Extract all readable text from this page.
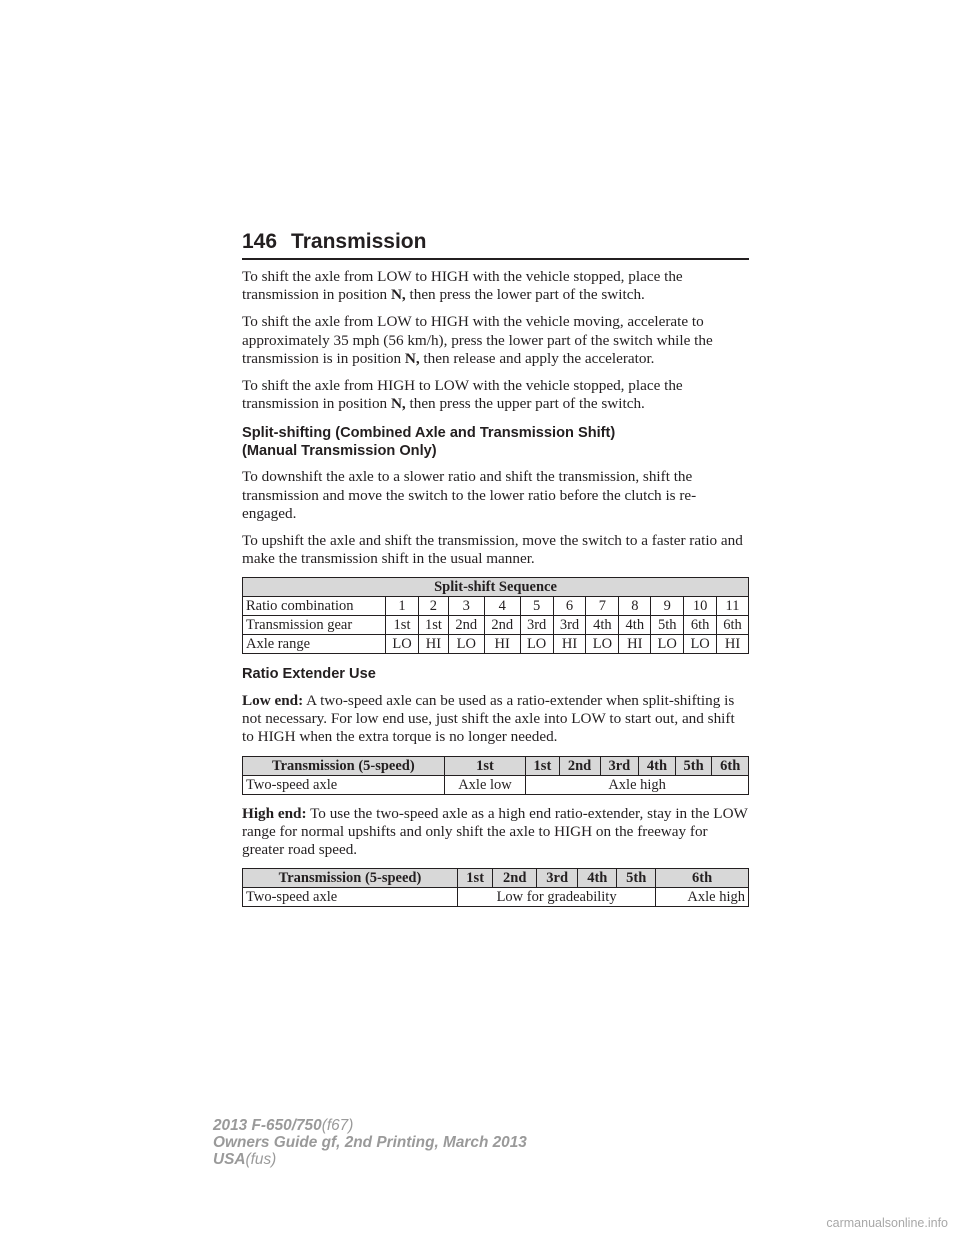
146 Transmission

To shift the axle from LOW to HIGH with the vehicle stopped, place the transmission in position N, then press the lower part of the switch.

To shift the axle from LOW to HIGH with the vehicle moving, accelerate to approximately 35 mph (56 km/h), press the lower part of the switch while the transmission is in position N, then release and apply the accelerator.

To shift the axle from HIGH to LOW with the vehicle stopped, place the transmission in position N, then press the upper part of the switch.

Split-shifting (Combined Axle and Transmission Shift)
(Manual Transmission Only)

To downshift the axle to a slower ratio and shift the transmission, shift the transmission and move the switch to the lower ratio before the clutch is re-engaged.

To upshift the axle and shift the transmission, move the switch to a faster ratio and make the transmission shift in the usual manner.

Split-shift Sequence											
Ratio combination	1	2	3	4	5	6	7	8	9	10	11
Transmission gear	1st	1st	2nd	2nd	3rd	3rd	4th	4th	5th	6th	6th
Axle range	LO	HI	LO	HI	LO	HI	LO	HI	LO	LO	HI
Ratio Extender Use

Low end: A two-speed axle can be used as a ratio-extender when split-shifting is not necessary. For low end use, just shift the axle into LOW to start out, and shift to HIGH when the extra torque is no longer needed.

Transmission (5-speed)	1st	1st	2nd	3rd	4th	5th	6th
Two-speed axle	Axle low	Axle high					

High end: To use the two-speed axle as a high end ratio-extender, stay in the LOW range for normal upshifts and only shift the axle to HIGH on the freeway for greater road speed.

Transmission (5-speed)	1st	2nd	3rd	4th	5th	6th
Two-speed axle	Low for gradeability					Axle high
2013 F-650/750(f67)
Owners Guide gf, 2nd Printing, March 2013
USA(fus)
carmanualsonline.info
